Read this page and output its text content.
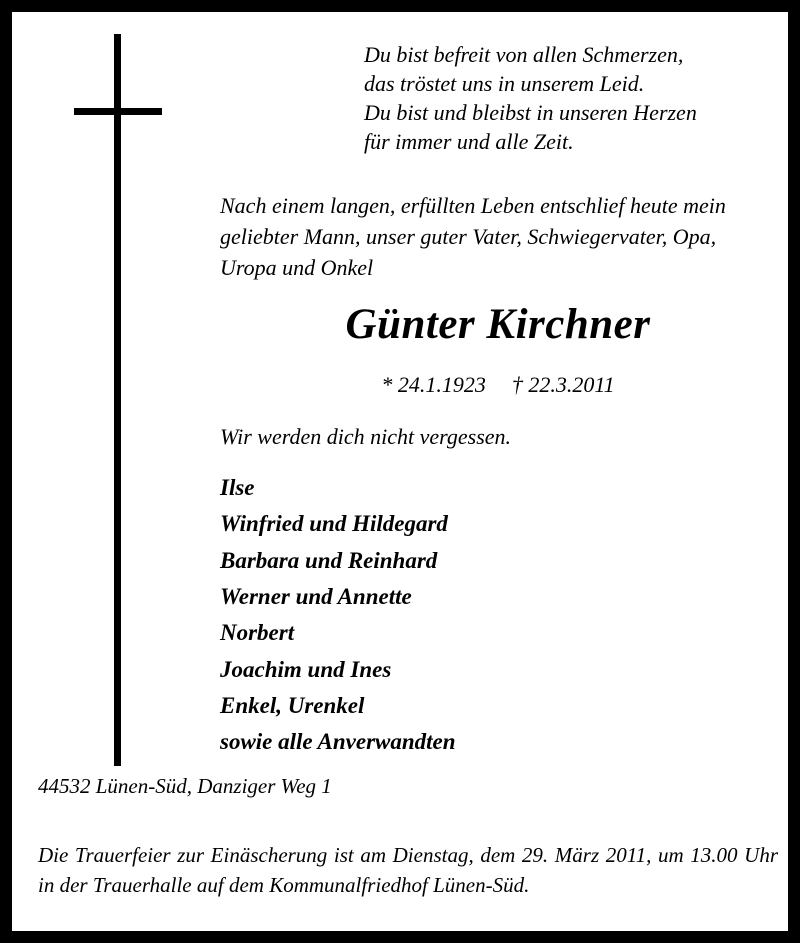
Du bist befreit von allen Schmerzen,
das tröstet uns in unserem Leid.
Du bist und bleibst in unseren Herzen
für immer und alle Zeit.
Nach einem langen, erfüllten Leben entschlief heute mein geliebter Mann, unser guter Vater, Schwiegervater, Opa, Uropa und Onkel
Günter Kirchner
* 24.1.1923 † 22.3.2011
Wir werden dich nicht vergessen.
Ilse
Winfried und Hildegard
Barbara und Reinhard
Werner und Annette
Norbert
Joachim und Ines
Enkel, Urenkel
sowie alle Anverwandten
44532 Lünen-Süd, Danziger Weg 1
Die Trauerfeier zur Einäscherung ist am Dienstag, dem 29. März 2011, um 13.00 Uhr in der Trauerhalle auf dem Kommunalfriedhof Lünen-Süd.
